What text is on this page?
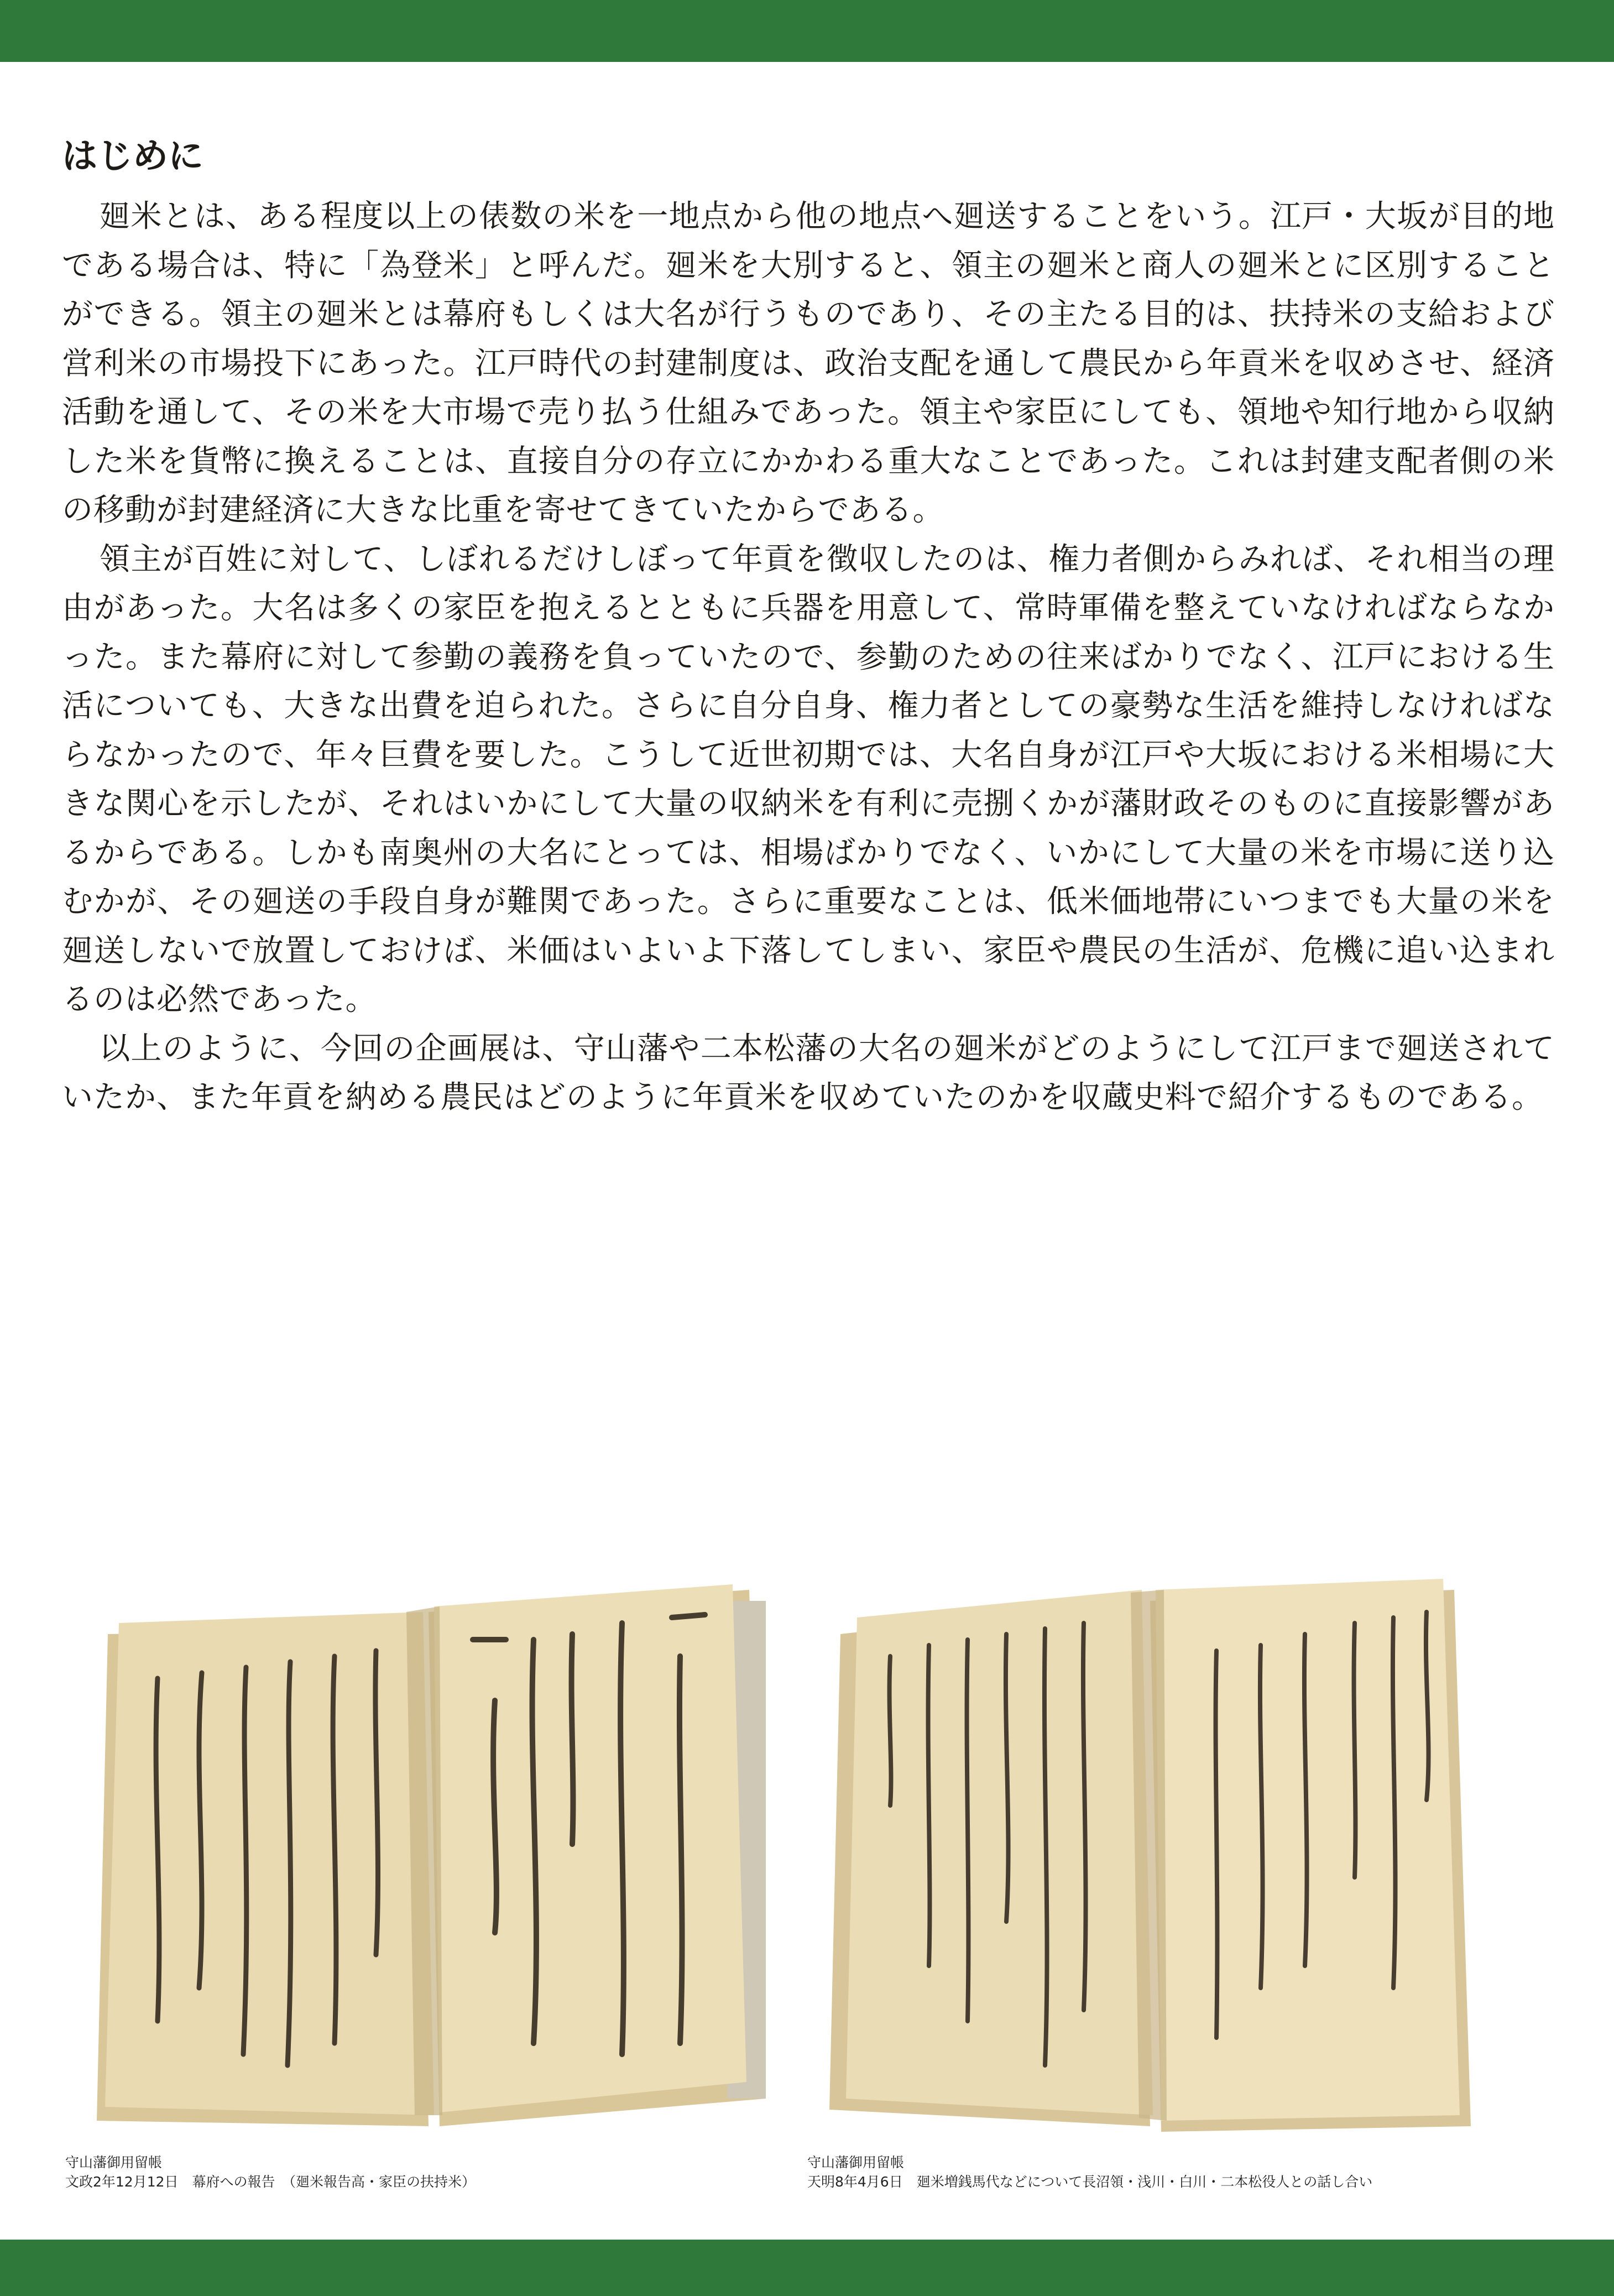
はじめに

廻米とは、ある程度以上の俵数の米を一地点から他の地点へ廻送することをいう。江戸・大坂が目的地である場合は、特に「為登米」と呼んだ。廻米を大別すると、領主の廻米と商人の廻米とに区別することができる。領主の廻米とは幕府もしくは大名が行うものであり、その主たる目的は、扶持米の支給および営利米の市場投下にあった。江戸時代の封建制度は、政治支配を通して農民から年貢米を収めさせ、経済活動を通して、その米を大市場で売り払う仕組みであった。領主や家臣にしても、領地や知行地から収納した米を貨幣に換えることは、直接自分の存立にかかわる重大なことであった。これは封建支配者側の米の移動が封建経済に大きな比重を寄せてきていたからである。

領主が百姓に対して、しぼれるだけしぼって年貢を徴収したのは、権力者側からみれば、それ相当の理由があった。大名は多くの家臣を抱えるとともに兵器を用意して、常時軍備を整えていなければならなかった。また幕府に対して参勤の義務を負っていたので、参勤のための往来ばかりでなく、江戸における生活についても、大きな出費を迫られた。さらに自分自身、権力者としての豪勢な生活を維持しなければならなかったので、年々巨費を要した。こうして近世初期では、大名自身が江戸や大坂における米相場に大きな関心を示したが、それはいかにして大量の収納米を有利に売捌くかが藩財政そのものに直接影響があるからである。しかも南奥州の大名にとっては、相場ばかりでなく、いかにして大量の米を市場に送り込むかが、その廻送の手段自身が難関であった。さらに重要なことは、低米価地帯にいつまでも大量の米を廻送しないで放置しておけば、米価はいよいよ下落してしまい、家臣や農民の生活が、危機に追い込まれるのは必然であった。

以上のように、今回の企画展は、守山藩や二本松藩の大名の廻米がどのようにして江戸まで廻送されていたか、また年貢を納める農民はどのように年貢米を収めていたのかを収蔵史料で紹介するものである。

守山藩御用留帳
文政2年12月12日　幕府への報告　（廻米報告高・家臣の扶持米）
守山藩御用留帳
天明8年4月6日　廻米増銭馬代などについて長沼領・浅川・白川・二本松役人との話し合い
